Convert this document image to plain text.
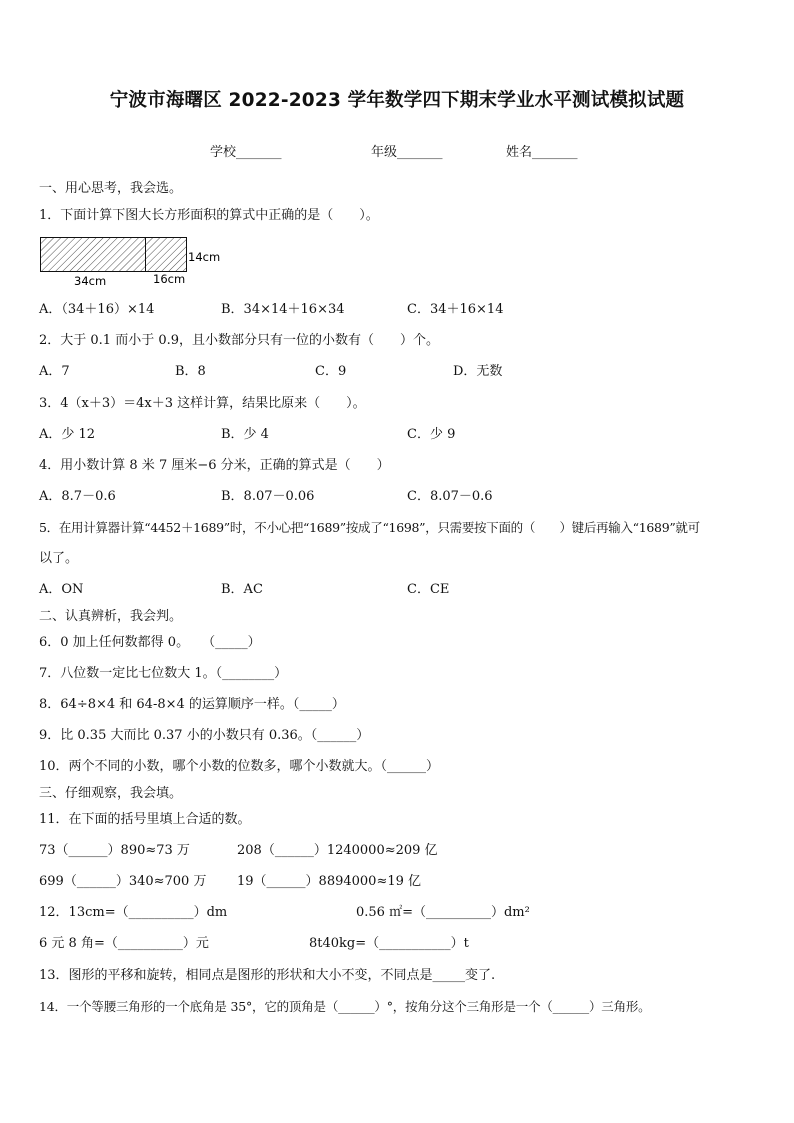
宁波市海曙区 2022-2023 学年数学四下期末学业水平测试模拟试题
学校_______	年级_______	姓名_______
一、用心思考，我会选。
1．下面计算下图大长方形面积的算式中正确的是（　　）。
34cm	16cm
14cm
A．（34＋16）×14	B．34×14＋16×34	C．34＋16×14
2．大于 0.1 而小于 0.9，且小数部分只有一位的小数有（　　）个。
A．7	B．8	C．9	D．无数
3．4（x＋3）＝4x＋3 这样计算，结果比原来（　　）。
A．少 12	B．少 4	C．少 9
4．用小数计算 8 米 7 厘米−6 分米，正确的算式是（　　）
A．8.7－0.6	B．8.07－0.06	C．8.07－0.6
5．在用计算器计算“4452＋1689”时，不小心把“1689”按成了“1698”，只需要按下面的（　　）键后再输入“1689”就可
以了。
A．ON	B．AC	C．CE
二、认真辨析，我会判。
6．0 加上任何数都得 0。　　（_____）
7．八位数一定比七位数大 1。（________）
8．64÷8×4 和 64-8×4 的运算顺序一样。（_____）
9．比 0.35 大而比 0.37 小的小数只有 0.36。（______）
10．两个不同的小数，哪个小数的位数多，哪个小数就大。（______）
三、仔细观察，我会填。
11．在下面的括号里填上合适的数。
73（______）890≈73 万	208（______）1240000≈209 亿
699（______）340≈700 万 19（______）8894000≈19 亿
12．13cm=（__________）dm	0.56 ㎡=（__________）dm²
6 元 8 角=（__________）元	8t40kg=（___________）t
13．图形的平移和旋转，相同点是图形的形状和大小不变，不同点是_____变了.
14．一个等腰三角形的一个底角是 35°，它的顶角是（______）°，按角分这个三角形是一个（______）三角形。
